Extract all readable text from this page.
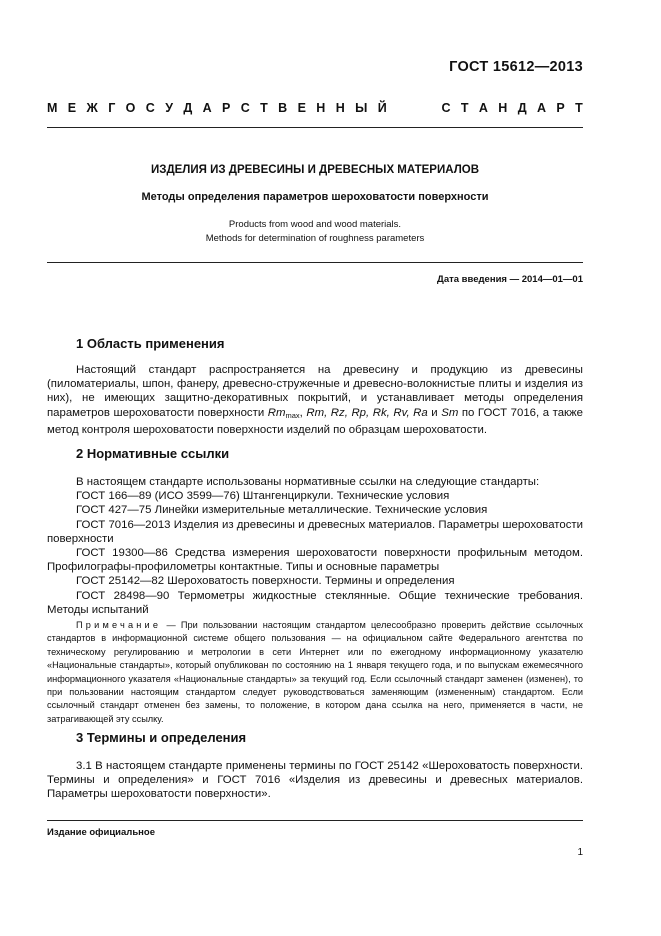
ГОСТ 15612—2013
М Е Ж Г О С У Д А Р С Т В Е Н Н Ы Й	С Т А Н Д А Р Т
ИЗДЕЛИЯ ИЗ ДРЕВЕСИНЫ И ДРЕВЕСНЫХ МАТЕРИАЛОВ
Методы определения параметров шероховатости поверхности
Products from wood and wood materials.
Methods for determination of roughness parameters
Дата введения — 2014—01—01
1 Область применения

Настоящий стандарт распространяется на древесину и продукцию из древесины (пиломатериалы, шпон, фанеру, древесно-стружечные и древесно-волокнистые плиты и изделия из них), не имеющих защитно-декоративных покрытий, и устанавливает методы определения параметров шероховатости поверхности $Rm_{max}$, Rm, Rz, Rp, Rk, Rv, Ra и Sm по ГОСТ 7016, а также метод контроля шероховатости поверхности изделий по образцам шероховатости.

2 Нормативные ссылки

В настоящем стандарте использованы нормативные ссылки на следующие стандарты:

ГОСТ 166—89 (ИСО 3599—76) Штангенциркули. Технические условия

ГОСТ 427—75 Линейки измерительные металлические. Технические условия

ГОСТ 7016—2013 Изделия из древесины и древесных материалов. Параметры шероховатости поверхности

ГОСТ 19300—86 Средства измерения шероховатости поверхности профильным методом. Профилографы-профилометры контактные. Типы и основные параметры

ГОСТ 25142—82 Шероховатость поверхности. Термины и определения

ГОСТ 28498—90 Термометры жидкостные стеклянные. Общие технические требования. Методы испытаний

Примечание — При пользовании настоящим стандартом целесообразно проверить действие ссылочных стандартов в информационной системе общего пользования — на официальном сайте Федерального агентства по техническому регулированию и метрологии в сети Интернет или по ежегодному информационному указателю «Национальные стандарты», который опубликован по состоянию на 1 января текущего года, и по выпускам ежемесячного информационного указателя «Национальные стандарты» за текущий год. Если ссылочный стандарт заменен (изменен), то при пользовании настоящим стандартом следует руководствоваться заменяющим (измененным) стандартом. Если ссылочный стандарт отменен без замены, то положение, в котором дана ссылка на него, применяется в части, не затрагивающей эту ссылку.

3 Термины и определения

3.1 В настоящем стандарте применены термины по ГОСТ 25142 «Шероховатость поверхности. Термины и определения» и ГОСТ 7016 «Изделия из древесины и древесных материалов. Параметры шероховатости поверхности».

Издание официальное
1
